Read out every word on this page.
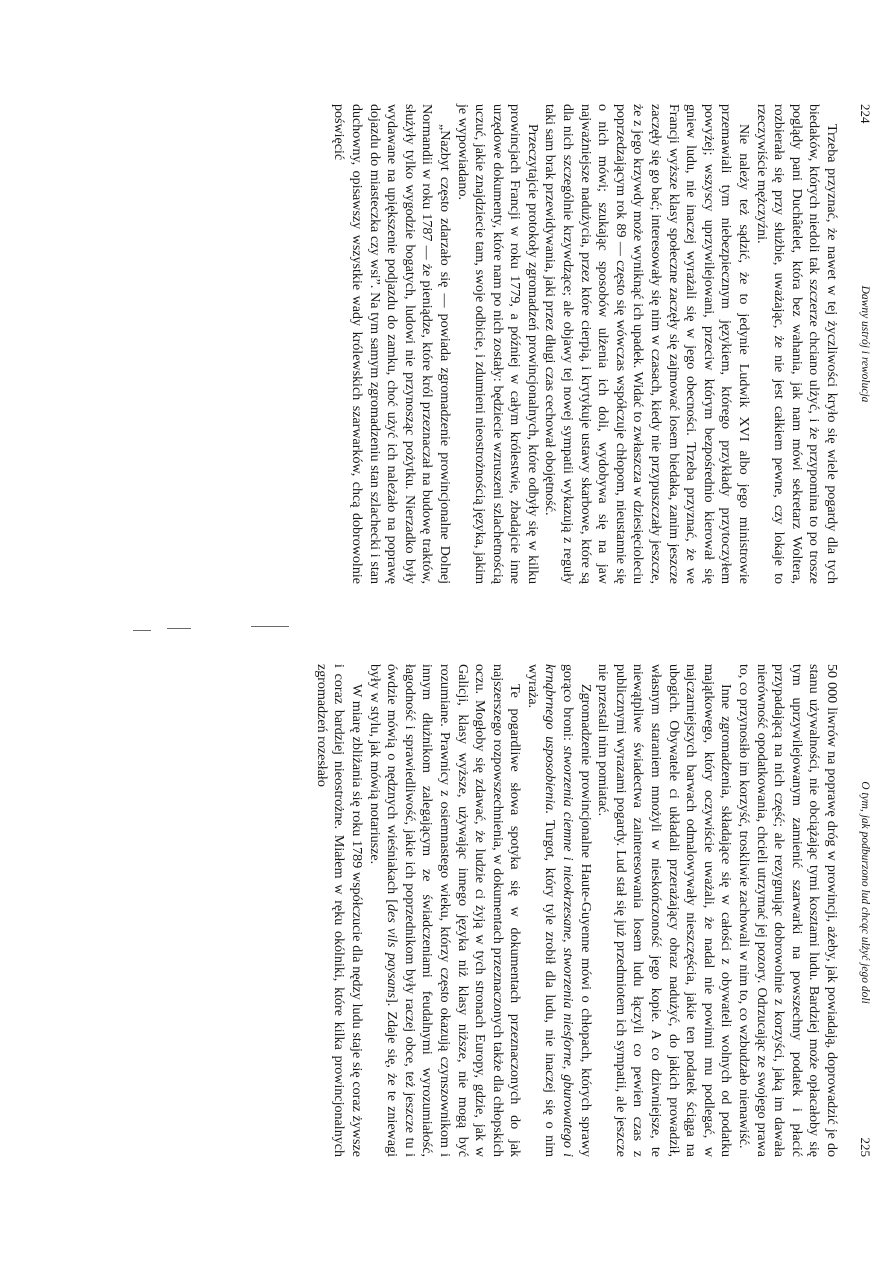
224
Dawny ustrój i rewolucja

Trzeba przyznać, że nawet w tej życzliwości kryło się wiele pogardy dla tych biedaków, których niedoli tak szczerze chciano ulżyć, i że przypomina to po trosze poglądy pani Duchâtelet, która bez wahania, jak nam mówi sekretarz Woltera, rozbierała się przy służbie, uważając, że nie jest całkiem pewne, czy lokaje to rzeczywiście mężczyźni.

Nie należy też sądzić, że to jedynie Ludwik XVI albo jego ministrowie przemawiali tym niebezpiecznym językiem, którego przykłady przytoczyłem powyżej; wszyscy uprzywilejowani, przeciw którym bezpośrednio kierował się gniew ludu, nie inaczej wyrażali się w jego obecności. Trzeba przyznać, że we Francji wyższe klasy społeczne zaczęły się zajmować losem biedaka, zanim jeszcze zaczęły się go bać; interesowały się nim w czasach, kiedy nie przypuszczały jeszcze, że z jego krzywdy może wyniknąć ich upadek. Widać to zwłaszcza w dziesięcioleciu poprzedzającym rok 89 — często się wówczas współczuje chłopom, nieustannie się o nich mówi; szukając sposobów ulżenia ich doli, wydobywa się na jaw najważniejsze nadużycia, przez które cierpią, i krytykuje ustawy skarbowe, które są dla nich szczególnie krzywdzące; ale objawy tej nowej sympatii wykazują z reguły taki sam brak przewidywania, jaki przez długi czas cechował obojętność.

Przeczytajcie protokoły zgromadzeń prowincjonalnych, które odbyły się w kilku prowincjach Francji w roku 1779, a później w całym królestwie, zbadajcie inne urzędowe dokumenty, które nam po nich zostały: będziecie wzruszeni szlachetnością uczuć, jakie znajdziecie tam, swoje odbicie, i zdumieni nieostrożnością języka, jakim je wypowiadano.

„Nazbyt często zdarzało się — powiada zgromadzenie prowincjonalne Dolnej Normandii w roku 1787 — że pieniądze, które król przeznaczał na budowę traktów, służyły tylko wygodzie bogatych, ludowi nie przynosząc pożytku. Nierzadko były wydawane na upiększenie podjazdu do zamku, choć użyć ich należało na poprawę dojazdu do miasteczka czy wsi”. Na tym samym zgromadzeniu stan szlachecki i stan duchowny, opisawszy wszystkie wady królewskich szarwarków, chcą dobrowolnie poświęcić

O tym, jak podburzono lud chcąc ulżyć jego doli
225

50 000 liwrów na poprawę dróg w prowincji, ażeby, jak powiadają, doprowadzić je do stanu używalności, nie obciążając tymi kosztami ludu. Bardziej może opłacałoby się tym uprzywilejowanym zamienić szarwarki na powszechny podatek i płacić przypadającą na nich część; ale rezygnując dobrowolnie z korzyści, jaką im dawała nierówność opodatkowania, chcieli utrzymać jej pozory. Odrzucając ze swojego prawa to, co przynosiło im korzyść, troskliwie zachowali w nim to, co wzbudzało nienawiść.

Inne zgromadzenia, składające się w całości z obywateli wolnych od podatku majątkowego, który oczywiście uważali, że nadal nie powinni mu podlegać, w najczarniejszych barwach odmalowywały nieszczęścia, jakie ten podatek ściąga na ubogich. Obywatele ci układali przerażający obraz nadużyć, do jakich prowadził, własnym staraniem mnożyli w nieskończoność jego kopie. A co dziwniejsze, te niewątpliwe świadectwa zainteresowania losem ludu łączyli co pewien czas z publicznymi wyrazami pogardy. Lud stał się już przedmiotem ich sympatii, ale jeszcze nie przestali nim pomiatać.

Zgromadzenie prowincjonalne Haute-Guyenne mówi o chłopach, których sprawy gorąco broni: stworzenia ciemne i nieokrzesane, stworzenia niesforne, gburowatego i krnąbrnego usposobienia. Turgot, który tyle zrobił dla ludu, nie inaczej się o nim wyraża.

Te pogardliwe słowa spotyka się w dokumentach przeznaczonych do jak najszerszego rozpowszechnienia, w dokumentach przeznaczonych także dla chłopskich oczu. Mogłoby się zdawać, że ludzie ci żyją w tych stronach Europy, gdzie, jak w Galicji, klasy wyższe, używając innego języka niż klasy niższe, nie mogą być rozumiane. Prawnicy z osiemnastego wieku, którzy często okazują czynszownikom i innym dłużnikom zalegającym ze świadczeniami feudalnymi wyrozumiałość, łagodność i sprawiedliwość, jakie ich poprzednikom były raczej obce, też jeszcze tu i ówdzie mówią o nędznych wieśniakach [des vils paysans]. Zdaje się, że te zniewagi były w stylu, jak mówią notariusze.

W miarę zbliżania się roku 1789 współczucie dla nędzy ludu staje się coraz żywsze i coraz bardziej nieostrożne. Miałem w ręku okólniki, które kilka prowincjonalnych zgromadzeń rozesłało
